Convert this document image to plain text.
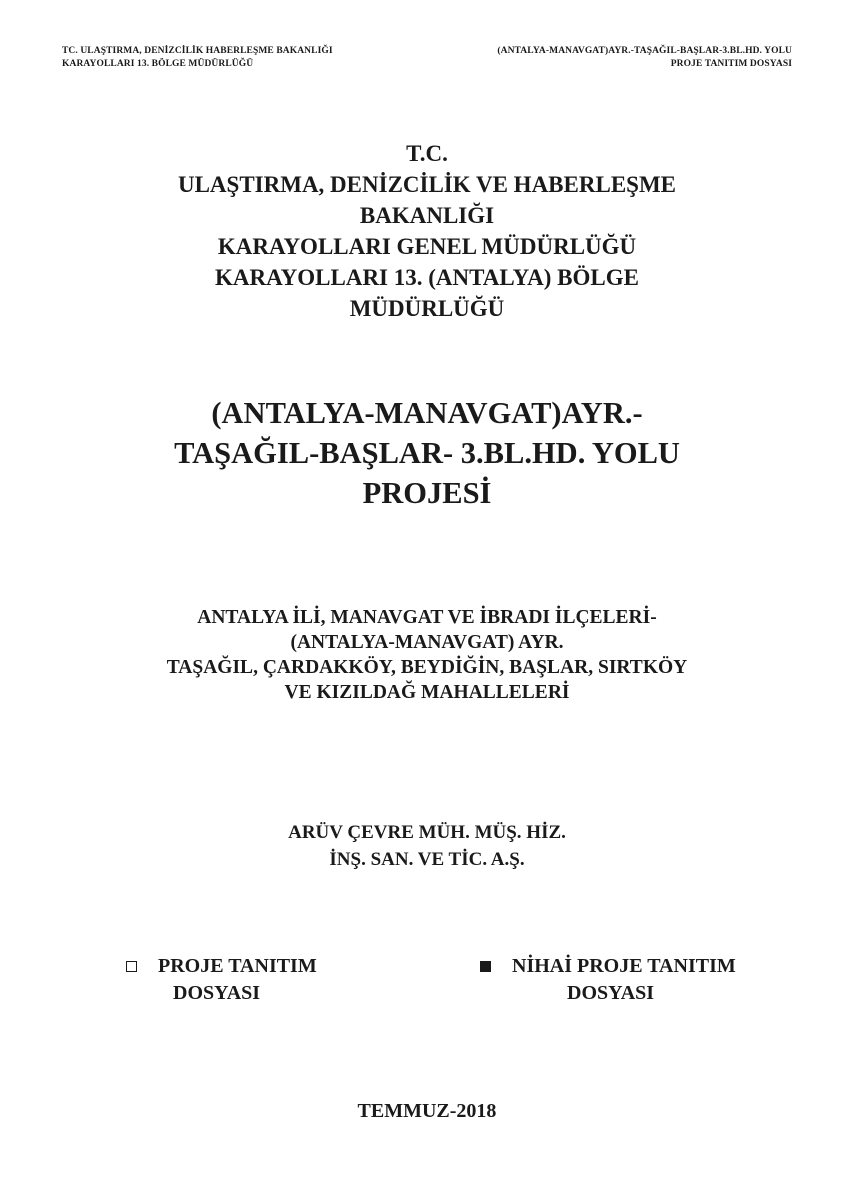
TC. ULAŞTIRMA, DENİZCİLİK HABERLEŞME BAKANLIĞI
KARAYOLLARI 13. BÖLGE MÜDÜRLÜĞÜ
(ANTALYA-MANAVGAT)AYR.-TAŞAĞIL-BAŞLAR-3.BL.HD. YOLU
PROJE TANITIM DOSYASI
T.C.
ULAŞTIRMA, DENİZCİLİK VE HABERLEŞME
BAKANLIĞI
KARAYOLLARI GENEL MÜDÜRLÜĞÜ
KARAYOLLARI 13. (ANTALYA) BÖLGE
MÜDÜRLÜĞÜ
(ANTALYA-MANAVGAT)AYR.-
TAŞAĞIL-BAŞLAR- 3.BL.HD. YOLU
PROJESİ
ANTALYA İLİ, MANAVGAT VE İBRADI İLÇELERİ-
(ANTALYA-MANAVGAT) AYR.
TAŞAĞIL, ÇARDAKKÖY, BEYDİĞİN, BAŞLAR, SIRTKÖY
VE KIZILDAĞ MAHALLELERİ
ARÜV ÇEVRE MÜH. MÜŞ. HİZ.
İNŞ. SAN. VE TİC. A.Ş.
PROJE TANITIM
DOSYASI
NİHAİ PROJE TANITIM
DOSYASI
TEMMUZ-2018
